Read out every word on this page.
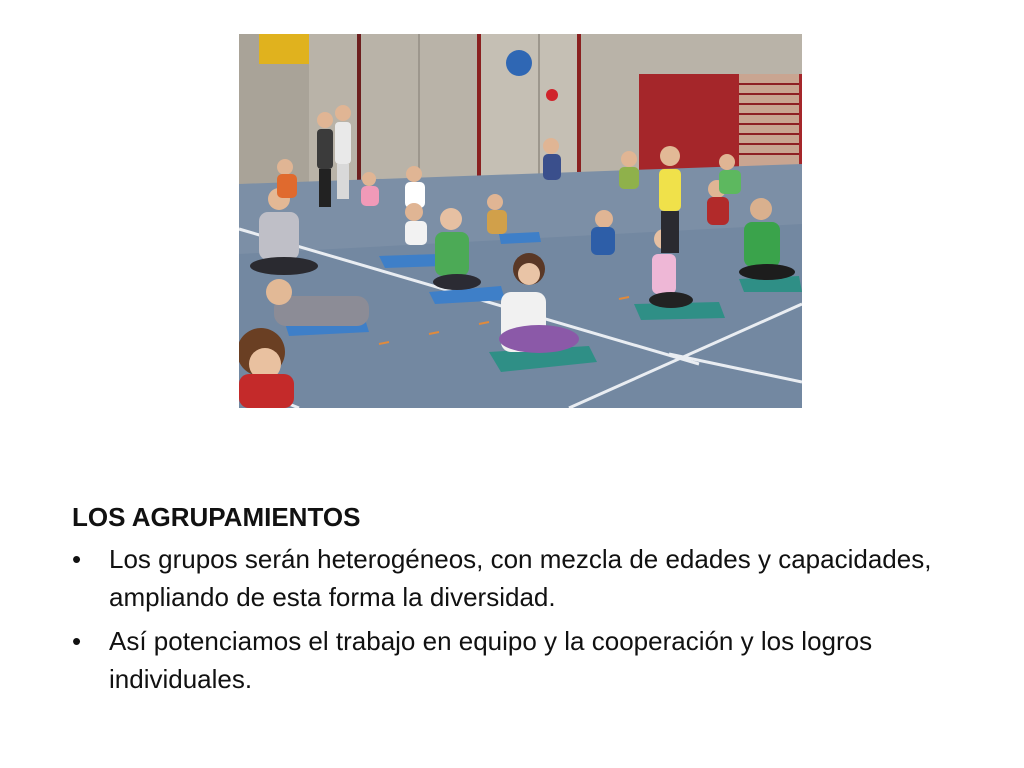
LOS AGRUPAMIENTOS
•	Los grupos serán heterogéneos, con mezcla de edades y capacidades, ampliando de esta forma la diversidad.
•	Así potenciamos el trabajo en equipo y la cooperación y los logros individuales.
